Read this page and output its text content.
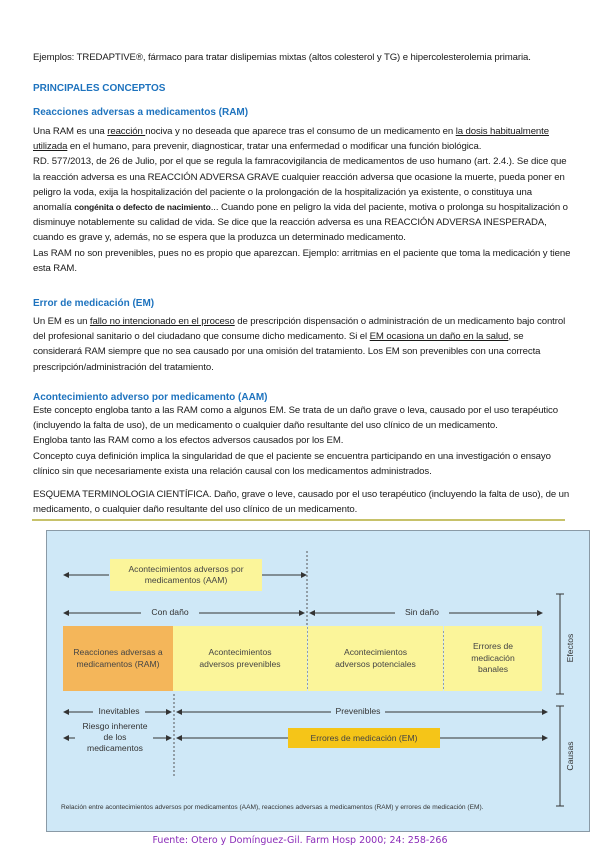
Ejemplos: TREDAPTIVE®, fármaco para tratar dislipemias mixtas (altos colesterol y TG) e hipercolesterolemia primaria.
PRINCIPALES CONCEPTOS
Reacciones adversas a medicamentos (RAM)
Una RAM es una reacción nociva y no deseada que aparece tras el consumo de un medicamento en la dosis habitualmente utilizada en el humano, para prevenir, diagnosticar, tratar una enfermedad o modificar una función biológica.
RD. 577/2013, de 26 de Julio, por el que se regula la famracovigilancia de medicamentos de uso humano (art. 2.4.). Se dice que la reacción adversa es una REACCIÓN ADVERSA GRAVE cualquier reacción adversa que ocasione la muerte, pueda poner en peligro la voda, exija la hospitalización del paciente o la prolongación de la hospitalización ya existente, o constituya una anomalía congénita o defecto de nacimiento... Cuando pone en peligro la vida del paciente, motiva o prolonga su hospitalización o disminuye notablemente su calidad de vida. Se dice que la reacción adversa es una REACCIÓN ADVERSA INESPERADA, cuando es grave y, además, no se espera que la produzca un determinado medicamento.
Las RAM no son prevenibles, pues no es propio que aparezcan. Ejemplo: arritmias en el paciente que toma la medicación y tiene esta RAM.
Error de medicación (EM)
Un EM es un fallo no intencionado en el proceso de prescripción dispensación o administración de un medicamento bajo control del profesional sanitario o del ciudadano que consume dicho medicamento. Si el EM ocasiona un daño en la salud, se considerará RAM siempre que no sea causado por una omisión del tratamiento. Los EM son prevenibles con una correcta prescripción/administración del tratamiento.
Acontecimiento adverso por medicamento (AAM)
Este concepto engloba tanto a las RAM como a algunos EM. Se trata de un daño grave o leva, causado por el uso terapéutico (incluyendo la falta de uso), de un medicamento o cualquier daño resultante del uso clínico de un medicamento.
Engloba tanto las RAM como a los efectos adversos causados por los EM.
Concepto cuya definición implica la singularidad de que el paciente se encuentra participando en una investigación o ensayo clínico sin que necesariamente exista una relación causal con los medicamentos administrados.
ESQUEMA TERMINOLOGIA CIENTÍFICA. Daño, grave o leve, causado por el uso terapéutico (incluyendo la falta de uso), de un medicamento, o cualquier daño resultante del uso clínico de un medicamento.
Acontecimientos adversos por medicamentos (AAM)
Con daño	Sin daño
Reacciones adversas a medicamentos (RAM)
Acontecimientos adversos prevenibles
Acontecimientos adversos potenciales
Errores de medicación banales
Efectos
Inevitables	Prevenibles
Riesgo inherente de los medicamentos
Errores de medicación (EM)
Causas
Relación entre acontecimientos adversos por medicamentos (AAM), reacciones adversas a medicamentos (RAM) y errores de medicación (EM).
Fuente: Otero y Domínguez-Gil. Farm Hosp 2000; 24: 258-266
